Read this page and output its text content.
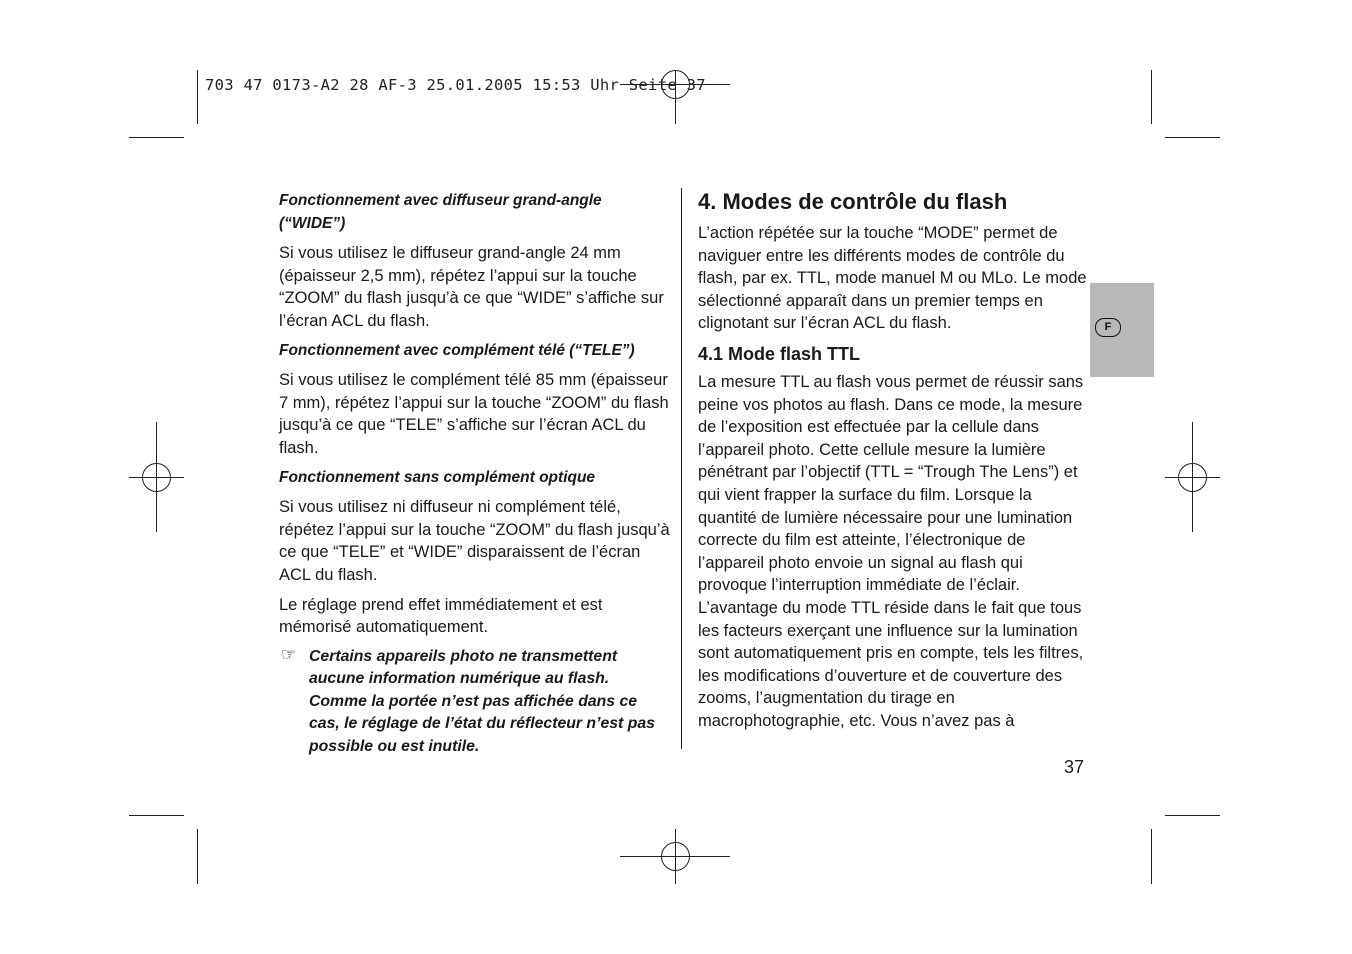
703 47 0173-A2 28 AF-3 25.01.2005 15:53 Uhr Seite 37

Fonctionnement avec diffuseur grand-angle (“WIDE”)

Si vous utilisez le diffuseur grand-angle 24 mm (épaisseur 2,5 mm), répétez l’appui sur la touche “ZOOM” du flash jusqu’à ce que “WIDE” s’affiche sur l’écran ACL du flash.

Fonctionnement avec complément télé (“TELE”)

Si vous utilisez le complément télé 85 mm (épaisseur 7 mm), répétez l’appui sur la touche “ZOOM” du flash jusqu’à ce que “TELE” s’affiche sur l’écran ACL du flash.

Fonctionnement sans complément optique

Si vous utilisez ni diffuseur ni complément télé, répétez l’appui sur la touche “ZOOM” du flash jusqu’à ce que “TELE” et “WIDE” disparaissent de l’écran ACL du flash.

Le réglage prend effet immédiatement et est mémorisé automatiquement.

☞ Certains appareils photo ne transmettent aucune information numérique au flash. Comme la portée n’est pas affichée dans ce cas, le réglage de l’état du réflecteur n’est pas possible ou est inutile.
4. Modes de contrôle du flash

L’action répétée sur la touche “MODE” permet de naviguer entre les différents modes de contrôle du flash, par ex. TTL, mode manuel M ou MLo. Le mode sélectionné apparaît dans un premier temps en clignotant sur l’écran ACL du flash.

4.1 Mode flash TTL

La mesure TTL au flash vous permet de réussir sans peine vos photos au flash. Dans ce mode, la mesure de l’exposition est effectuée par la cellule dans l’appareil photo. Cette cellule mesure la lumière pénétrant par l’objectif (TTL = “Trough The Lens”) et qui vient frapper la surface du film. Lorsque la quantité de lumière nécessaire pour une lumination correcte du film est atteinte, l’électronique de l’appareil photo envoie un signal au flash qui provoque l’interruption immédiate de l’éclair. L’avantage du mode TTL réside dans le fait que tous les facteurs exerçant une influence sur la lumination sont automatiquement pris en compte, tels les filtres, les modifications d’ouverture et de couverture des zooms, l’augmentation du tirage en macrophotographie, etc. Vous n’avez pas à

F
37
